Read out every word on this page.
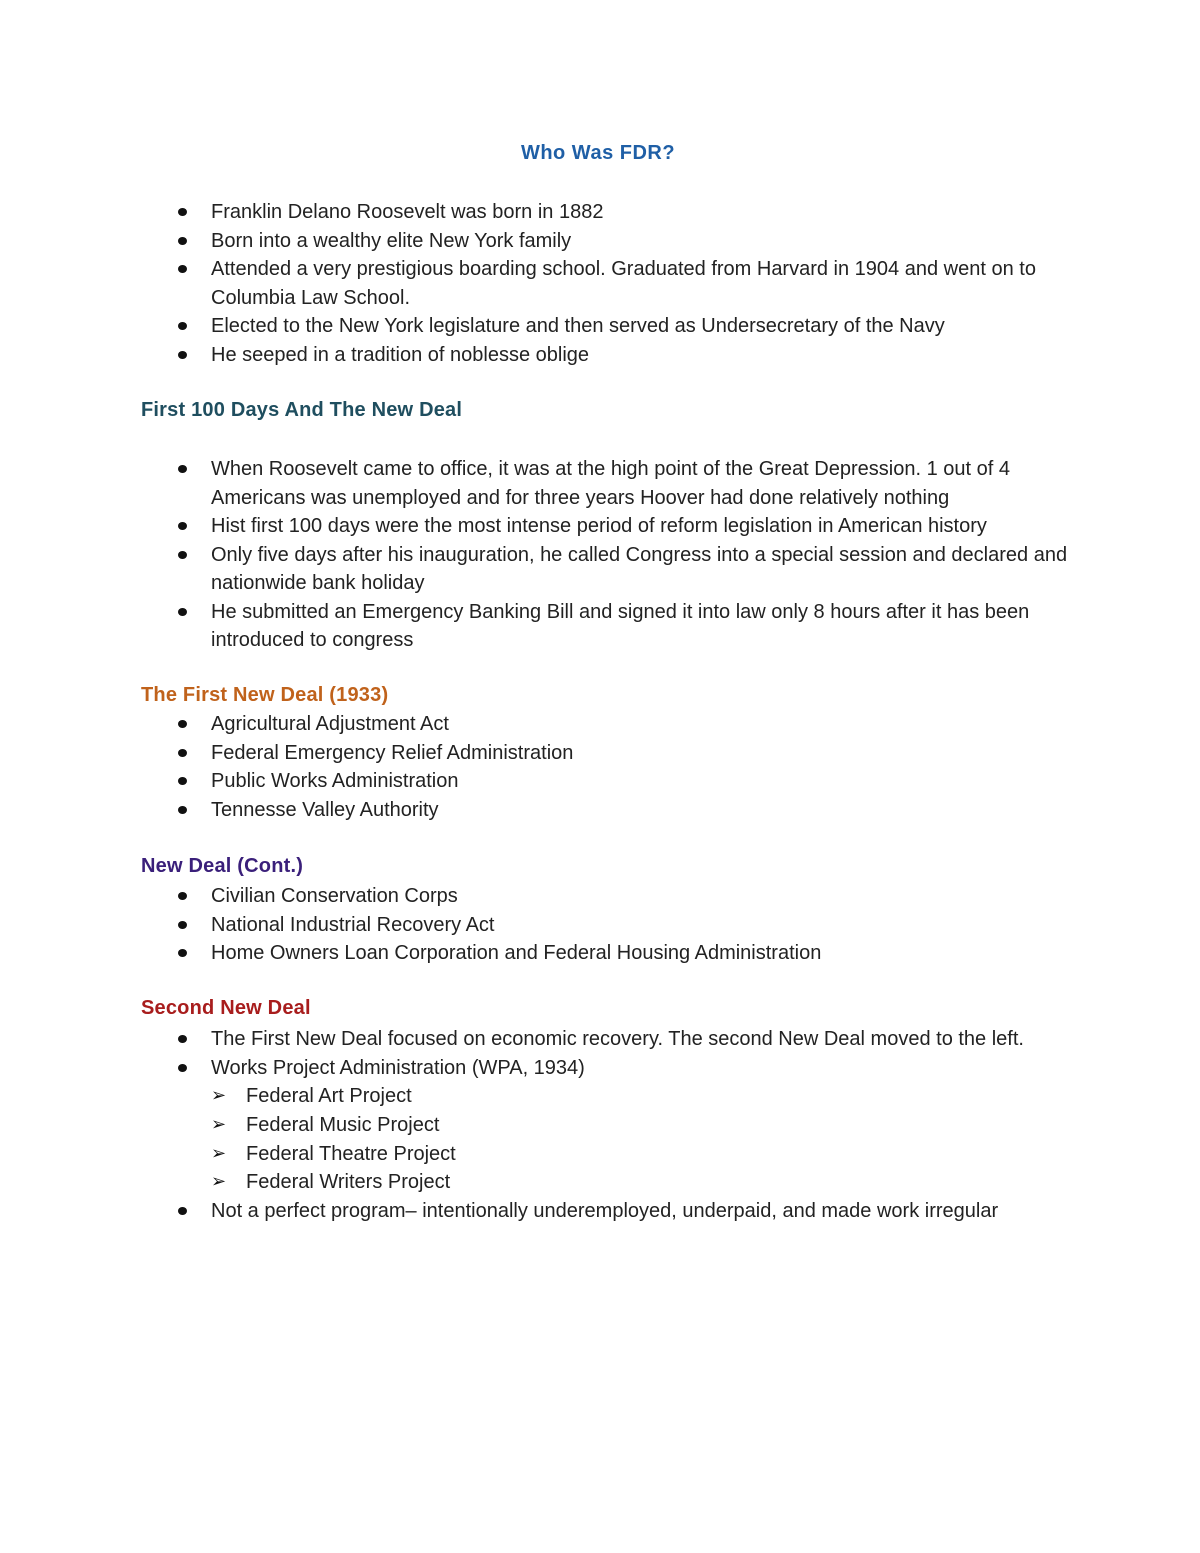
Who Was FDR?
Franklin Delano Roosevelt was born in 1882
Born into a wealthy elite New York family
Attended a very prestigious boarding school. Graduated from Harvard in 1904 and went on to Columbia Law School.
Elected to the New York legislature and then served as Undersecretary of the Navy
He seeped in a tradition of noblesse oblige
First 100 Days And The New Deal
When Roosevelt came to office, it was at the high point of the Great Depression. 1 out of 4 Americans was unemployed and for three years Hoover had done relatively nothing
Hist first 100 days were the most intense period of reform legislation in American history
Only five days after his inauguration, he called Congress into a special session and declared and nationwide bank holiday
He submitted an Emergency Banking Bill and signed it into law only 8 hours after it has been introduced to congress
The First New Deal (1933)
Agricultural Adjustment Act
Federal Emergency Relief Administration
Public Works Administration
Tennesse Valley Authority
New Deal (Cont.)
Civilian Conservation Corps
National Industrial Recovery Act
Home Owners Loan Corporation and Federal Housing Administration
Second New Deal
The First New Deal focused on economic recovery. The second New Deal moved to the left.
Works Project Administration (WPA, 1934)
➢ Federal Art Project
➢ Federal Music Project
➢ Federal Theatre Project
➢ Federal Writers Project
Not a perfect program– intentionally underemployed, underpaid, and made work irregular
